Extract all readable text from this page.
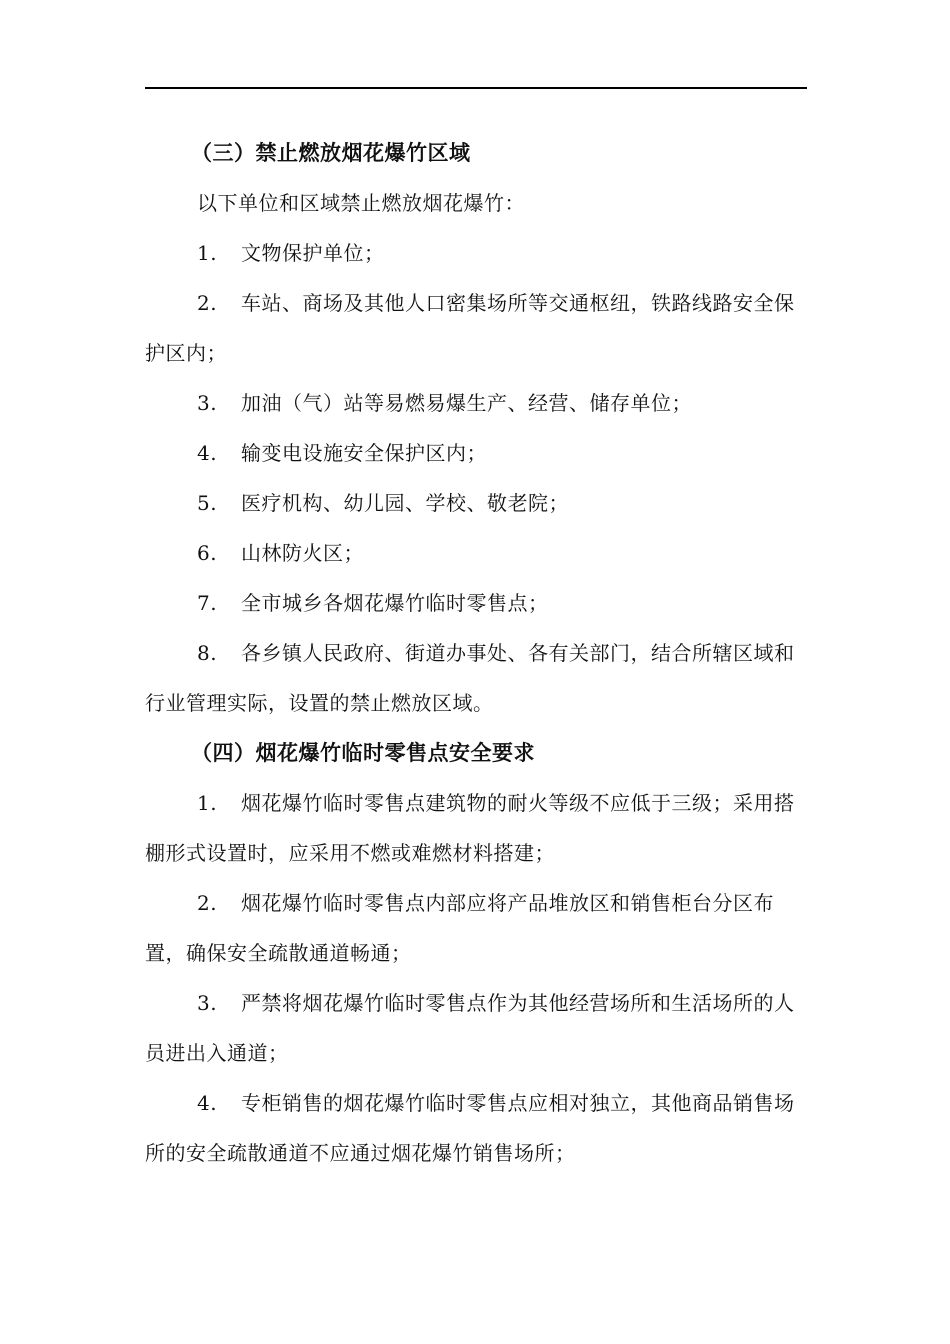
（三）禁止燃放烟花爆竹区域

以下单位和区域禁止燃放烟花爆竹：

1. 文物保护单位；

2. 车站、商场及其他人口密集场所等交通枢纽，铁路线路安全保护区内；

3. 加油（气）站等易燃易爆生产、经营、储存单位；

4. 输变电设施安全保护区内；

5. 医疗机构、幼儿园、学校、敬老院；

6. 山林防火区；

7. 全市城乡各烟花爆竹临时零售点；

8. 各乡镇人民政府、街道办事处、各有关部门，结合所辖区域和行业管理实际，设置的禁止燃放区域。

（四）烟花爆竹临时零售点安全要求

1. 烟花爆竹临时零售点建筑物的耐火等级不应低于三级；采用搭棚形式设置时，应采用不燃或难燃材料搭建；

2. 烟花爆竹临时零售点内部应将产品堆放区和销售柜台分区布置，确保安全疏散通道畅通；

3. 严禁将烟花爆竹临时零售点作为其他经营场所和生活场所的人员进出入通道；

4. 专柜销售的烟花爆竹临时零售点应相对独立，其他商品销售场所的安全疏散通道不应通过烟花爆竹销售场所；
